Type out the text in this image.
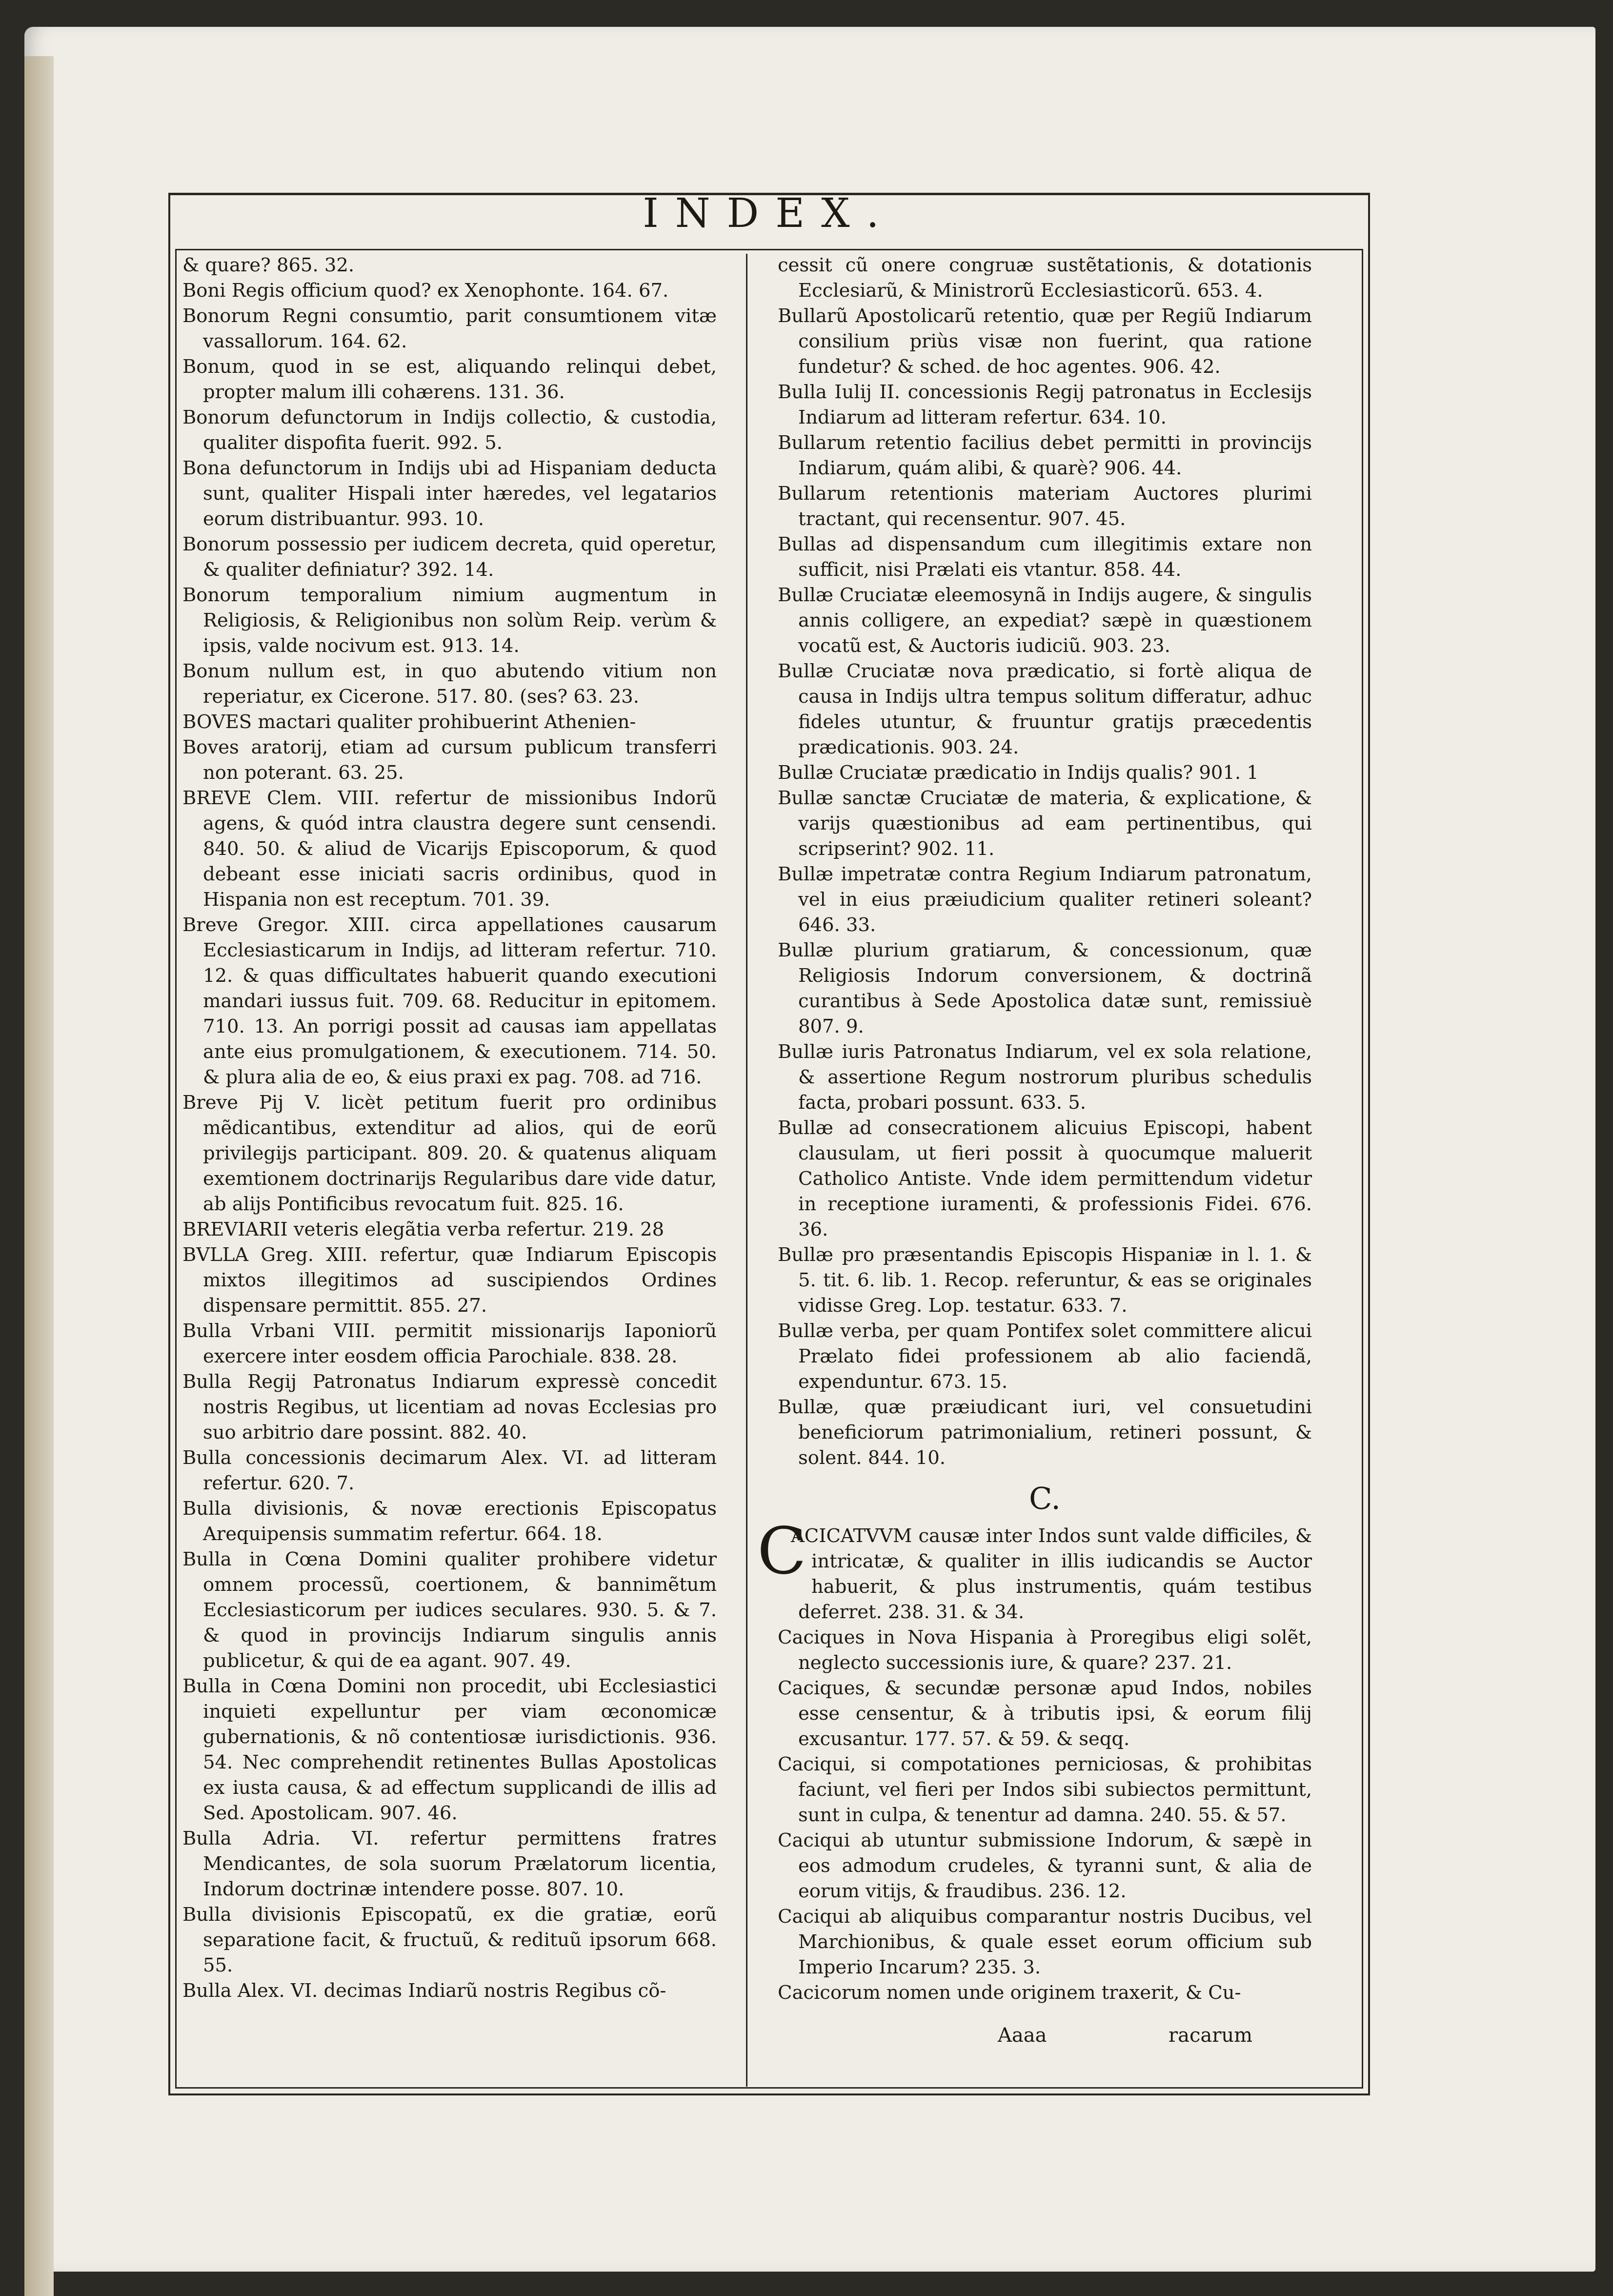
INDEX.

& quare? 865. 32.

Boni Regis officium quod? ex Xenophonte. 164. 67.

Bonorum Regni consumtio, parit consumtionem vitæ vassallorum. 164. 62.

Bonum, quod in se est, aliquando relinqui debet, propter malum illi cohærens. 131. 36.

Bonorum defunctorum in Indijs collectio, & custodia, qualiter dispofita fuerit. 992. 5.

Bona defunctorum in Indijs ubi ad Hispaniam deducta sunt, qualiter Hispali inter hæredes, vel legatarios eorum distribuantur. 993. 10.

Bonorum possessio per iudicem decreta, quid operetur, & qualiter definiatur? 392. 14.

Bonorum temporalium nimium augmentum in Religiosis, & Religionibus non solùm Reip. verùm & ipsis, valde nocivum est. 913. 14.

Bonum nullum est, in quo abutendo vitium non reperiatur, ex Cicerone. 517. 80. (ses? 63. 23.

BOVES mactari qualiter prohibuerint Athenien-

Boves aratorij, etiam ad cursum publicum transferri non poterant. 63. 25.

BREVE Clem. VIII. refertur de missionibus Indorũ agens, & quód intra claustra degere sunt censendi. 840. 50. & aliud de Vicarijs Episcoporum, & quod debeant esse iniciati sacris ordinibus, quod in Hispania non est receptum. 701. 39.

Breve Gregor. XIII. circa appellationes causarum Ecclesiasticarum in Indijs, ad litteram refertur. 710. 12. & quas difficultates habuerit quando executioni mandari iussus fuit. 709. 68. Reducitur in epitomem. 710. 13. An porrigi possit ad causas iam appellatas ante eius promulgationem, & executionem. 714. 50. & plura alia de eo, & eius praxi ex pag. 708. ad 716.

Breve Pij V. licèt petitum fuerit pro ordinibus mẽdicantibus, extenditur ad alios, qui de eorũ privilegijs participant. 809. 20. & quatenus aliquam exemtionem doctrinarijs Regularibus dare vide datur, ab alijs Pontificibus revocatum fuit. 825. 16.

BREVIARII veteris elegãtia verba refertur. 219. 28

BVLLA Greg. XIII. refertur, quæ Indiarum Episcopis mixtos illegitimos ad suscipiendos Ordines dispensare permittit. 855. 27.

Bulla Vrbani VIII. permitit missionarijs Iaponiorũ exercere inter eosdem officia Parochiale. 838. 28.

Bulla Regij Patronatus Indiarum expressè concedit nostris Regibus, ut licentiam ad novas Ecclesias pro suo arbitrio dare possint. 882. 40.

Bulla concessionis decimarum Alex. VI. ad litteram refertur. 620. 7.

Bulla divisionis, & novæ erectionis Episcopatus Arequipensis summatim refertur. 664. 18.

Bulla in Cœna Domini qualiter prohibere videtur omnem processũ, coertionem, & bannimẽtum Ecclesiasticorum per iudices seculares. 930. 5. & 7. & quod in provincijs Indiarum singulis annis publicetur, & qui de ea agant. 907. 49.

Bulla in Cœna Domini non procedit, ubi Ecclesiastici inquieti expelluntur per viam œconomicæ gubernationis, & nõ contentiosæ iurisdictionis. 936. 54. Nec comprehendit retinentes Bullas Apostolicas ex iusta causa, & ad effectum supplicandi de illis ad Sed. Apostolicam. 907. 46.

Bulla Adria. VI. refertur permittens fratres Mendicantes, de sola suorum Prælatorum licentia, Indorum doctrinæ intendere posse. 807. 10.

Bulla divisionis Episcopatũ, ex die gratiæ, eorũ separatione facit, & fructuũ, & redituũ ipsorum 668. 55.

Bulla Alex. VI. decimas Indiarũ nostris Regibus cõ-

cessit cũ onere congruæ sustẽtationis, & dotationis Ecclesiarũ, & Ministrorũ Ecclesiasticorũ. 653. 4.

Bullarũ Apostolicarũ retentio, quæ per Regiũ Indiarum consilium priùs visæ non fuerint, qua ratione fundetur? & sched. de hoc agentes. 906. 42.

Bulla Iulij II. concessionis Regij patronatus in Ecclesijs Indiarum ad litteram refertur. 634. 10.

Bullarum retentio facilius debet permitti in provincijs Indiarum, quám alibi, & quarè? 906. 44.

Bullarum retentionis materiam Auctores plurimi tractant, qui recensentur. 907. 45.

Bullas ad dispensandum cum illegitimis extare non sufficit, nisi Prælati eis vtantur. 858. 44.

Bullæ Cruciatæ eleemosynã in Indijs augere, & singulis annis colligere, an expediat? sæpè in quæstionem vocatũ est, & Auctoris iudiciũ. 903. 23.

Bullæ Cruciatæ nova prædicatio, si fortè aliqua de causa in Indijs ultra tempus solitum differatur, adhuc fideles utuntur, & fruuntur gratijs præcedentis prædicationis. 903. 24.

Bullæ Cruciatæ prædicatio in Indijs qualis? 901. 1

Bullæ sanctæ Cruciatæ de materia, & explicatione, & varijs quæstionibus ad eam pertinentibus, qui scripserint? 902. 11.

Bullæ impetratæ contra Regium Indiarum patronatum, vel in eius præiudicium qualiter retineri soleant? 646. 33.

Bullæ plurium gratiarum, & concessionum, quæ Religiosis Indorum conversionem, & doctrinã curantibus à Sede Apostolica datæ sunt, remissiuè 807. 9.

Bullæ iuris Patronatus Indiarum, vel ex sola relatione, & assertione Regum nostrorum pluribus schedulis facta, probari possunt. 633. 5.

Bullæ ad consecrationem alicuius Episcopi, habent clausulam, ut fieri possit à quocumque maluerit Catholico Antiste. Vnde idem permittendum videtur in receptione iuramenti, & professionis Fidei. 676. 36.

Bullæ pro præsentandis Episcopis Hispaniæ in l. 1. & 5. tit. 6. lib. 1. Recop. referuntur, & eas se originales vidisse Greg. Lop. testatur. 633. 7.

Bullæ verba, per quam Pontifex solet committere alicui Prælato fidei professionem ab alio faciendã, expenduntur. 673. 15.

Bullæ, quæ præiudicant iuri, vel consuetudini beneficiorum patrimonialium, retineri possunt, & solent. 844. 10.

C.

C
ACICATVVM causæ inter Indos sunt valde difficiles, & intricatæ, & qualiter in illis iudicandis se Auctor habuerit, & plus instrumentis, quám testibus deferret. 238. 31. & 34.

Caciques in Nova Hispania à Proregibus eligi solẽt, neglecto successionis iure, & quare? 237. 21.

Caciques, & secundæ personæ apud Indos, nobiles esse censentur, & à tributis ipsi, & eorum filij excusantur. 177. 57. & 59. & seqq.

Caciqui, si compotationes perniciosas, & prohibitas faciunt, vel fieri per Indos sibi subiectos permittunt, sunt in culpa, & tenentur ad damna. 240. 55. & 57.

Caciqui ab utuntur submissione Indorum, & sæpè in eos admodum crudeles, & tyranni sunt, & alia de eorum vitijs, & fraudibus. 236. 12.

Caciqui ab aliquibus comparantur nostris Ducibus, vel Marchionibus, & quale esset eorum officium sub Imperio Incarum? 235. 3.

Cacicorum nomen unde originem traxerit, & Cu-

Aaaa	racarum
